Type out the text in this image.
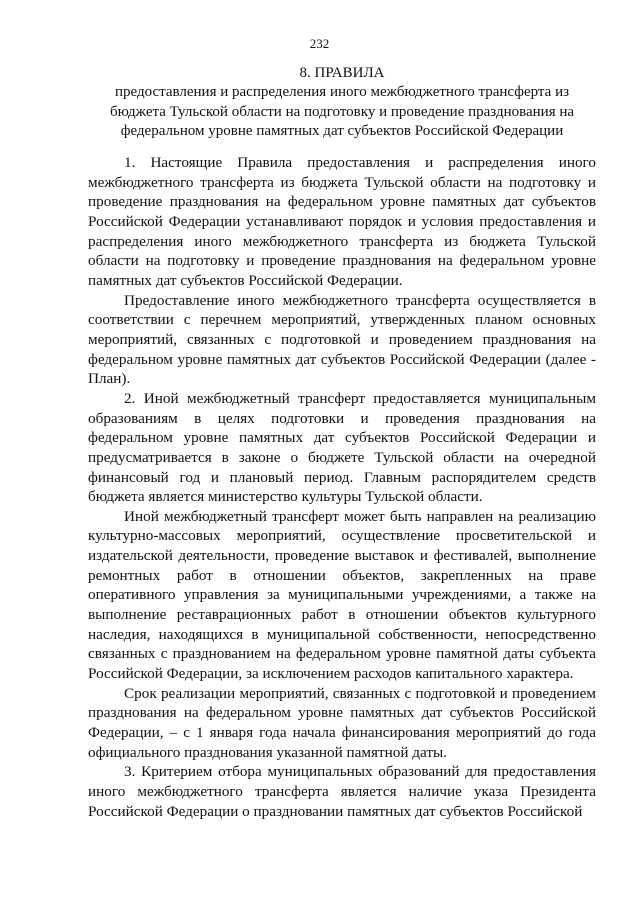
232
8. ПРАВИЛА
предоставления и распределения иного межбюджетного трансферта из бюджета Тульской области на подготовку и проведение празднования на федеральном уровне памятных дат субъектов Российской Федерации

1. Настоящие Правила предоставления и распределения иного межбюджетного трансферта из бюджета Тульской области на подготовку и проведение празднования на федеральном уровне памятных дат субъектов Российской Федерации устанавливают порядок и условия предоставления и распределения иного межбюджетного трансферта из бюджета Тульской области на подготовку и проведение празднования на федеральном уровне памятных дат субъектов Российской Федерации.

Предоставление иного межбюджетного трансферта осуществляется в соответствии с перечнем мероприятий, утвержденных планом основных мероприятий, связанных с подготовкой и проведением празднования на федеральном уровне памятных дат субъектов Российской Федерации (далее - План).

2. Иной межбюджетный трансферт предоставляется муниципальным образованиям в целях подготовки и проведения празднования на федеральном уровне памятных дат субъектов Российской Федерации и предусматривается в законе о бюджете Тульской области на очередной финансовый год и плановый период. Главным распорядителем средств бюджета является министерство культуры Тульской области.

Иной межбюджетный трансферт может быть направлен на реализацию культурно-массовых мероприятий, осуществление просветительской и издательской деятельности, проведение выставок и фестивалей, выполнение ремонтных работ в отношении объектов, закрепленных на праве оперативного управления за муниципальными учреждениями, а также на выполнение реставрационных работ в отношении объектов культурного наследия, находящихся в муниципальной собственности, непосредственно связанных с празднованием на федеральном уровне памятной даты субъекта Российской Федерации, за исключением расходов капитального характера.

Срок реализации мероприятий, связанных с подготовкой и проведением празднования на федеральном уровне памятных дат субъектов Российской Федерации, – с 1 января года начала финансирования мероприятий до года официального празднования указанной памятной даты.

3. Критерием отбора муниципальных образований для предоставления иного межбюджетного трансферта является наличие указа Президента Российской Федерации о праздновании памятных дат субъектов Российской
